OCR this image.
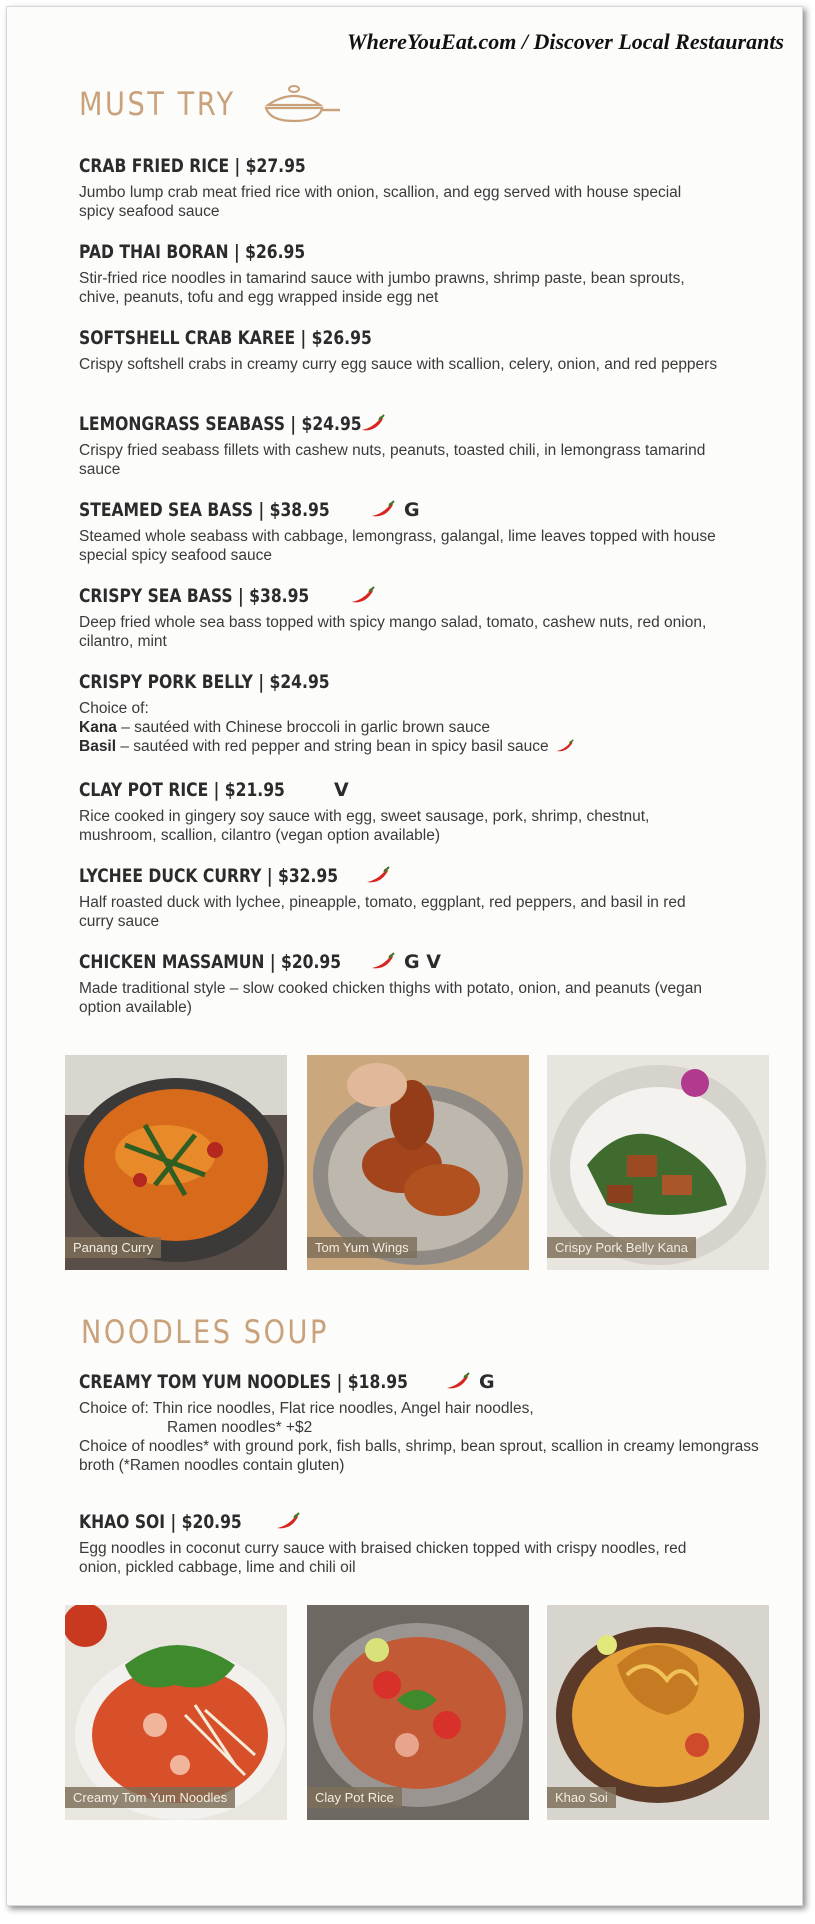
WhereYouEat.com / Discover Local Restaurants
MUST TRY
CRAB FRIED RICE | $27.95
Jumbo lump crab meat fried rice with onion, scallion, and egg served with house special spicy seafood sauce
PAD THAI BORAN | $26.95
Stir-fried rice noodles in tamarind sauce with jumbo prawns, shrimp paste, bean sprouts, chive, peanuts, tofu and egg wrapped inside egg net
SOFTSHELL CRAB KAREE | $26.95
Crispy softshell crabs in creamy curry egg sauce with scallion, celery, onion, and red peppers
LEMONGRASS SEABASS | $24.95
Crispy fried seabass fillets with cashew nuts, peanuts, toasted chili, in lemongrass tamarind sauce
STEAMED SEA BASS | $38.95	G
Steamed whole seabass with cabbage, lemongrass, galangal, lime leaves topped with house special spicy seafood sauce
CRISPY SEA BASS | $38.95
Deep fried whole sea bass topped with spicy mango salad, tomato, cashew nuts, red onion, cilantro, mint
CRISPY PORK BELLY | $24.95
Choice of:
Kana – sautéed with Chinese broccoli in garlic brown sauce
Basil – sautéed with red pepper and string bean in spicy basil sauce
CLAY POT RICE | $21.95	V
Rice cooked in gingery soy sauce with egg, sweet sausage, pork, shrimp, chestnut, mushroom, scallion, cilantro (vegan option available)
LYCHEE DUCK CURRY | $32.95
Half roasted duck with lychee, pineapple, tomato, eggplant, red peppers, and basil in red curry sauce
CHICKEN MASSAMUN | $20.95	G V
Made traditional style – slow cooked chicken thighs with potato, onion, and peanuts (vegan option available)
Panang Curry	Tom Yum Wings	Crispy Pork Belly Kana
NOODLES SOUP
CREAMY TOM YUM NOODLES | $18.95	G
Choice of: Thin rice noodles, Flat rice noodles, Angel hair noodles,
Ramen noodles* +$2
Choice of noodles* with ground pork, fish balls, shrimp, bean sprout, scallion in creamy lemongrass broth (*Ramen noodles contain gluten)
KHAO SOI | $20.95
Egg noodles in coconut curry sauce with braised chicken topped with crispy noodles, red onion, pickled cabbage, lime and chili oil
Creamy Tom Yum Noodles	Clay Pot Rice	Khao Soi
